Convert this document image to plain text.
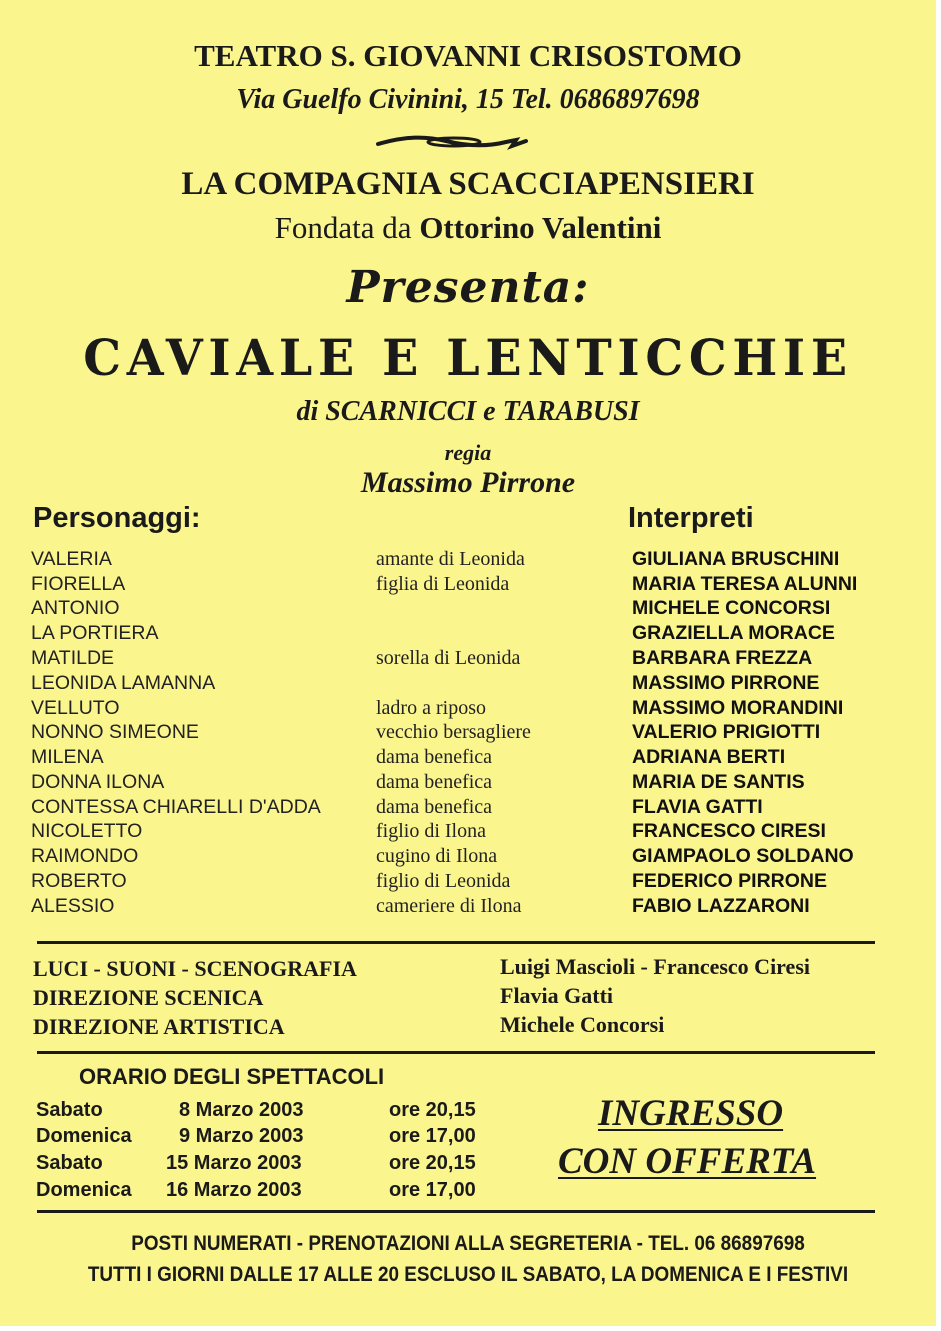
TEATRO S. GIOVANNI CRISOSTOMO
Via Guelfo Civinini, 15 Tel. 0686897698
LA COMPAGNIA SCACCIAPENSIERI
Fondata da Ottorino Valentini
Presenta:
CAVIALE E LENTICCHIE
di SCARNICCI e TARABUSI
regia
Massimo Pirrone
Personaggi:	Interpreti
VALERIA	amante di Leonida	GIULIANA BRUSCHINI
FIORELLA	figlia di Leonida	MARIA TERESA ALUNNI
ANTONIO	MICHELE CONCORSI
LA PORTIERA	GRAZIELLA MORACE
MATILDE	sorella di Leonida	BARBARA FREZZA
LEONIDA LAMANNA	MASSIMO PIRRONE
VELLUTO	ladro a riposo	MASSIMO MORANDINI
NONNO SIMEONE	vecchio bersagliere	VALERIO PRIGIOTTI
MILENA	dama benefica	ADRIANA BERTI
DONNA ILONA	dama benefica	MARIA DE SANTIS
CONTESSA CHIARELLI D'ADDA	dama benefica	FLAVIA GATTI
NICOLETTO	figlio di Ilona	FRANCESCO CIRESI
RAIMONDO	cugino di Ilona	GIAMPAOLO SOLDANO
ROBERTO	figlio di Leonida	FEDERICO PIRRONE
ALESSIO	cameriere di Ilona	FABIO LAZZARONI
LUCI - SUONI - SCENOGRAFIA	Luigi Mascioli - Francesco Ciresi
DIREZIONE SCENICA	Flavia Gatti
DIREZIONE ARTISTICA	Michele Concorsi
ORARIO DEGLI SPETTACOLI
Sabato	8 Marzo 2003	ore 20,15
Domenica 9 Marzo 2003	ore 17,00
Sabato	15 Marzo 2003	ore 20,15
Domenica 16 Marzo 2003	ore 17,00
INGRESSO
CON OFFERTA
POSTI NUMERATI - PRENOTAZIONI ALLA SEGRETERIA - TEL. 06 86897698
TUTTI I GIORNI DALLE 17 ALLE 20 ESCLUSO IL SABATO, LA DOMENICA E I FESTIVI
